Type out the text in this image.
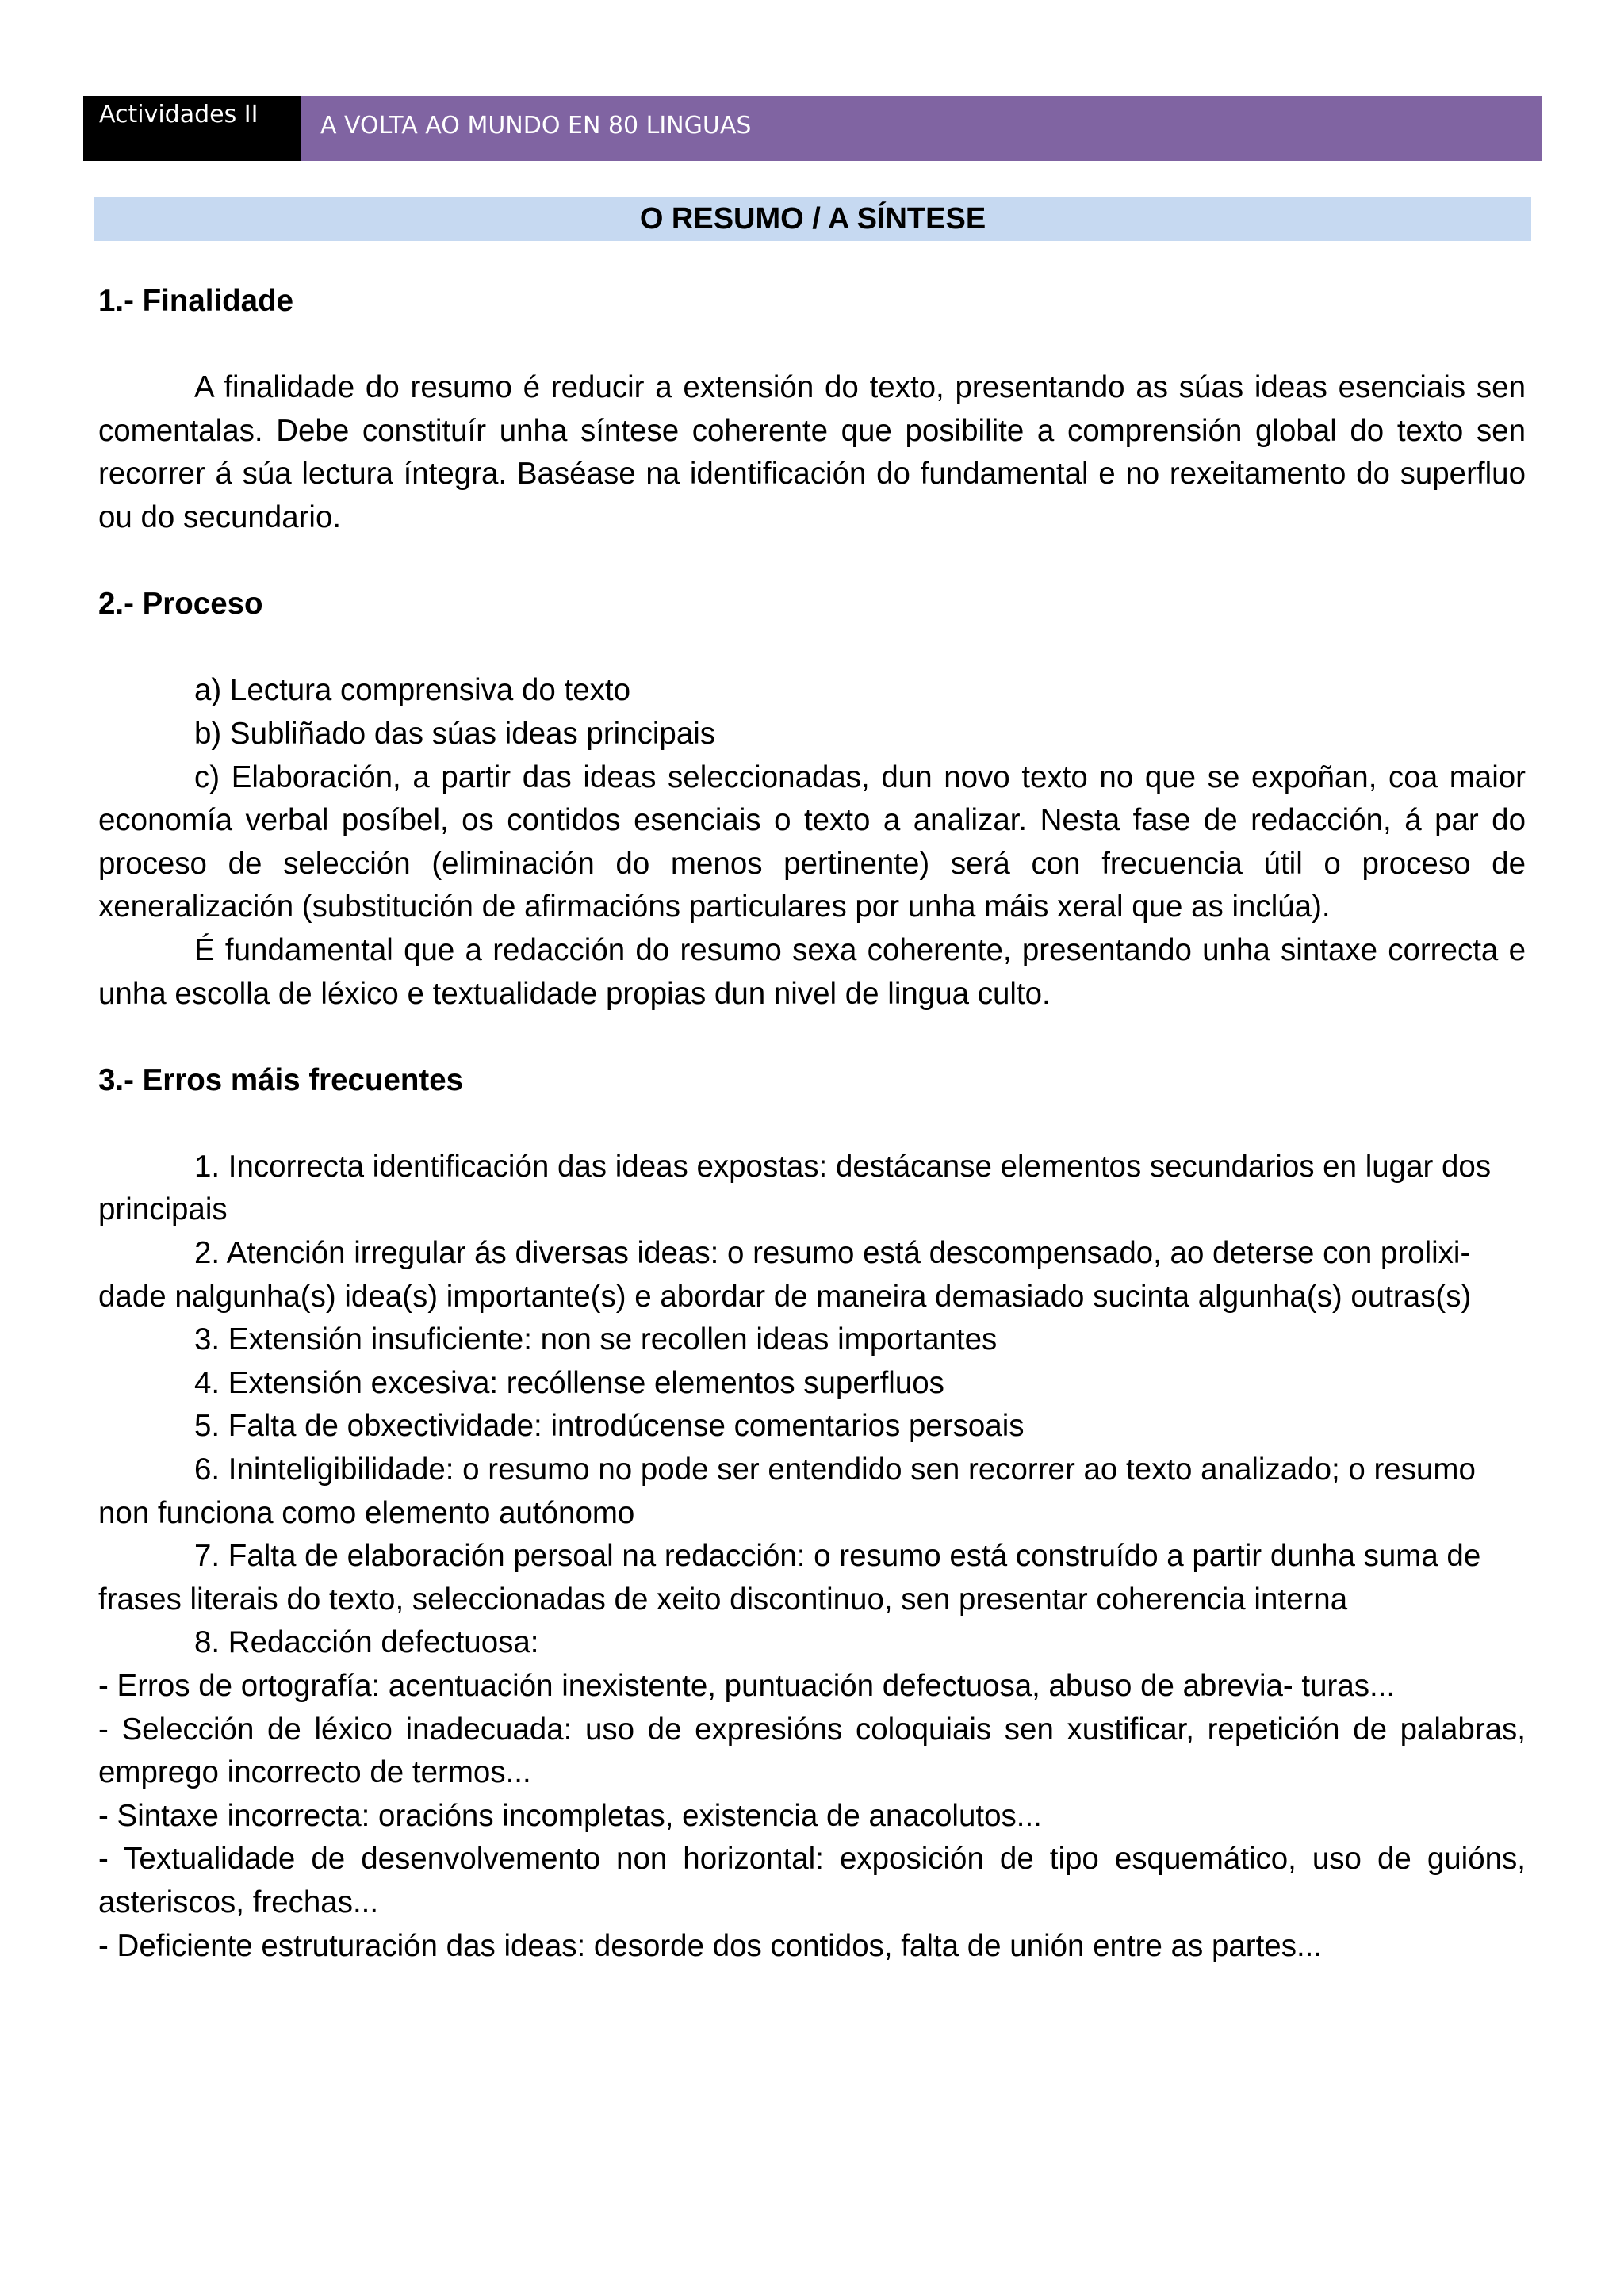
Actividades II	A VOLTA AO MUNDO EN 80 LINGUAS
O RESUMO / A SÍNTESE

1.- Finalidade

A finalidade do resumo é reducir a extensión do texto, presentando as súas ideas esenciais sen comentalas. Debe constituír unha síntese coherente que posibilite a comprensión global do texto sen recorrer á súa lectura íntegra. Baséase na identificación do fundamental e no rexeitamento do superfluo ou do secundario.

2.- Proceso

a) Lectura comprensiva do texto

b) Subliñado das súas ideas principais

c) Elaboración, a partir das ideas seleccionadas, dun novo texto no que se expoñan, coa maior economía verbal posíbel, os contidos esenciais o texto a analizar. Nesta fase de redacción, á par do proceso de selección (eliminación do menos pertinente) será con frecuencia útil o proceso de xeneralización (substitución de afirmacións particulares por unha máis xeral que as inclúa).

É fundamental que a redacción do resumo sexa coherente, presentando unha sintaxe correcta e unha escolla de léxico e textualidade propias dun nivel de lingua culto.

3.- Erros máis frecuentes

1. Incorrecta identificación das ideas expostas: destácanse elementos secundarios en lugar dos principais

2. Atención irregular ás diversas ideas: o resumo está descompensado, ao deterse con prolixi-dade nalgunha(s) idea(s) importante(s) e abordar de maneira demasiado sucinta algunha(s) outras(s)

3. Extensión insuficiente: non se recollen ideas importantes

4. Extensión excesiva: recóllense elementos superfluos

5. Falta de obxectividade: introdúcense comentarios persoais

6. Ininteligibilidade: o resumo no pode ser entendido sen recorrer ao texto analizado; o resumo non funciona como elemento autónomo

7. Falta de elaboración persoal na redacción: o resumo está construído a partir dunha suma de frases literais do texto, seleccionadas de xeito discontinuo, sen presentar coherencia interna

8. Redacción defectuosa:

- Erros de ortografía: acentuación inexistente, puntuación defectuosa, abuso de abrevia- turas...

- Selección de léxico inadecuada: uso de expresións coloquiais sen xustificar, repetición de palabras, emprego incorrecto de termos...

- Sintaxe incorrecta: oracións incompletas, existencia de anacolutos...

- Textualidade de desenvolvemento non horizontal: exposición de tipo esquemático, uso de guións, asteriscos, frechas...

- Deficiente estruturación das ideas: desorde dos contidos, falta de unión entre as partes...
